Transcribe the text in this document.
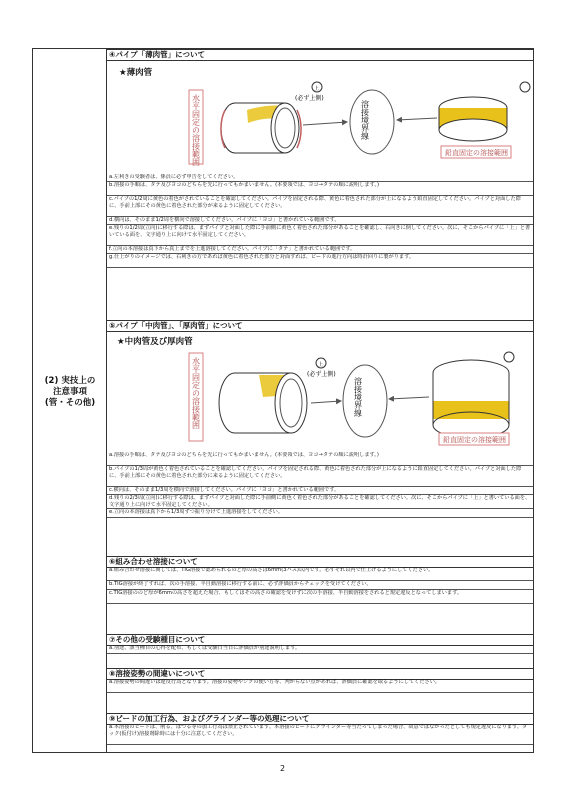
(2) 実技上の
注意事項
(管・その他)
④パイプ「薄肉管」について
★薄肉管
水平固定の溶接範囲
上
(必ず上側)
溶接境界線
鉛直固定の溶接範囲
a.左利きの受験者は、係員に必ず申告をしてください。
b.溶接の手順は、タテ及びヨコのどちらを先に行ってもかまいません。(本要領では、ヨコ→タテの順に説明します。)
c.パイプの1/2周に黄色の着色がされていることを確認してください。パイプを固定される際、黄色に着色された部分が上になるよう鉛直固定してください。パイプと対面した際に、手前上部にその黄色に着色された部分が来るように固定してください。
d.横向は、そのまま1/2周を横向で溶接してください。パイプに「ヨコ」と書かれている範囲です。
e.残りの1/2周(立向)に移行する際は、まずパイプと対面した際に手前側に黄色く着色された部分があることを確認し、右向きに倒してください。次に、そこからパイプに「上」と書いている面を、文字通り上に向けて水平固定してください。
f.立向の本溶接は真下から真上までを上進溶接してください。パイプに「タテ」と書かれている範囲です。
g.仕上がりのイメージでは、右利きの方であれば黄色に着色された部分と対面すれば、ビードの進行方向は時計回りに製がります。
⑤パイプ「中肉管」、「厚肉管」について
★中肉管及び厚肉管
水平固定の溶接範囲	上
(必ず上側)
溶接境界線
鉛直固定の溶接範囲
a.溶接の手順は、タテ及びヨコのどちらを先に行ってもかまいません。(本要領では、ヨコ→タテの順に説明します。)
b.パイプの1/3周が黄色く着色されていることを確認してください。パイプを固定される際、黄色に着色された部分が上になるように鉛直固定してください。パイプと対面した際に、手前上部にその黄色に着色された部分に来るように固定してください。
c.横向は、そのまま1/3周を横向で溶接してください。パイプに「ヨコ」と書かれている範囲です。
d.残りの2/3周(立向)に移行する際は、まずパイプと対面した際に手前側に黄色く着色された部分があることを確認してください。次に、そこからパイプに「上」と書いている面を、文字通り上に向けて水平固定してください。
e.立向の本溶接は真下から1/3周ずつ振り分けて上進溶接をしてください。
⑥組み合わせ溶接について
a.組み合わせ溶接に関しては、TIG溶接で認められるのど厚の高さは6mm(3パス)以内です。必ずそれ以内で仕上げるようにしてください。
b.TIG溶接が終了すれば、次の手溶接、半自動溶接に移行する前に、必ず評価員からチェックを受けてください。
c.TIG溶接ののど厚が6mmの高さを超えた場合、もしくはその高さの確認を受けずに次の手溶接、半自動溶接をされると規定違反となってしまいます。
⑦その他の受験種目について
a.別途、該当種目の心得を配布、もしくは受験日当日に評価員が別途説明します。
⑧溶接姿勢の間違いについて
a.溶接姿勢の間違いは違反行為となります。溶接の姿勢やジグの使い方等、判からない点があれば、評価員に確認を取るようにしてください。
⑨ビードの加工行為、およびグラインダー等の処理について
a.本溶接のビードは、削る、はつる等の加工行為は禁止されています。本溶接のビードにグラインダー等当たってしまった場合、故意ではなかったとしても規定違反になります。タック(仮付け)溶接剤除時には十分に注意してください。
2
